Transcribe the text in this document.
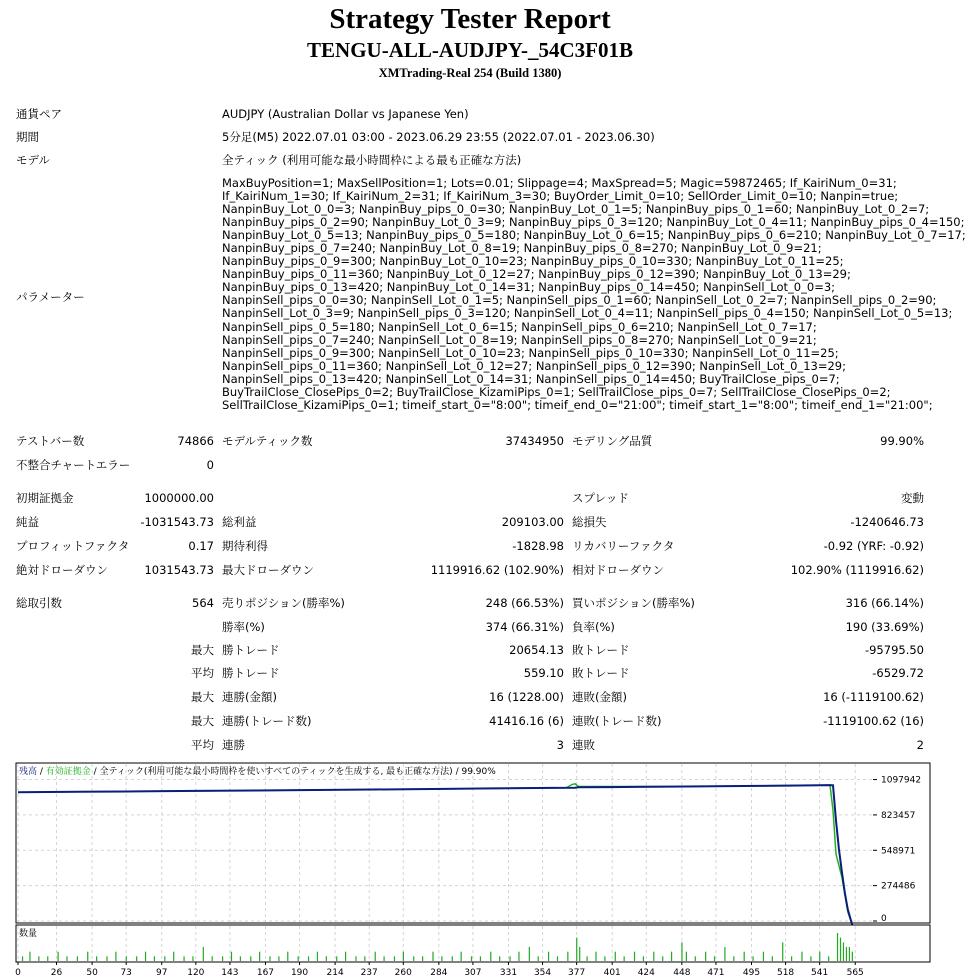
Strategy Tester Report
TENGU-ALL-AUDJPY-_54C3F01B
XMTrading-Real 254 (Build 1380)
通貨ペア	AUDJPY (Australian Dollar vs Japanese Yen)
期間	5分足(M5) 2022.07.01 03:00 - 2023.06.29 23:55 (2022.07.01 - 2023.06.30)
モデル	全ティック (利用可能な最小時間枠による最も正確な方法)
パラメーター
MaxBuyPosition=1; MaxSellPosition=1; Lots=0.01; Slippage=4; MaxSpread=5; Magic=59872465; If_KairiNum_0=31;
If_KairiNum_1=30; If_KairiNum_2=31; If_KairiNum_3=30; BuyOrder_Limit_0=10; SellOrder_Limit_0=10; Nanpin=true;
NanpinBuy_Lot_0_0=3; NanpinBuy_pips_0_0=30; NanpinBuy_Lot_0_1=5; NanpinBuy_pips_0_1=60; NanpinBuy_Lot_0_2=7;
NanpinBuy_pips_0_2=90; NanpinBuy_Lot_0_3=9; NanpinBuy_pips_0_3=120; NanpinBuy_Lot_0_4=11; NanpinBuy_pips_0_4=150;
NanpinBuy_Lot_0_5=13; NanpinBuy_pips_0_5=180; NanpinBuy_Lot_0_6=15; NanpinBuy_pips_0_6=210; NanpinBuy_Lot_0_7=17;
NanpinBuy_pips_0_7=240; NanpinBuy_Lot_0_8=19; NanpinBuy_pips_0_8=270; NanpinBuy_Lot_0_9=21;
NanpinBuy_pips_0_9=300; NanpinBuy_Lot_0_10=23; NanpinBuy_pips_0_10=330; NanpinBuy_Lot_0_11=25;
NanpinBuy_pips_0_11=360; NanpinBuy_Lot_0_12=27; NanpinBuy_pips_0_12=390; NanpinBuy_Lot_0_13=29;
NanpinBuy_pips_0_13=420; NanpinBuy_Lot_0_14=31; NanpinBuy_pips_0_14=450; NanpinSell_Lot_0_0=3;
NanpinSell_pips_0_0=30; NanpinSell_Lot_0_1=5; NanpinSell_pips_0_1=60; NanpinSell_Lot_0_2=7; NanpinSell_pips_0_2=90;
NanpinSell_Lot_0_3=9; NanpinSell_pips_0_3=120; NanpinSell_Lot_0_4=11; NanpinSell_pips_0_4=150; NanpinSell_Lot_0_5=13;
NanpinSell_pips_0_5=180; NanpinSell_Lot_0_6=15; NanpinSell_pips_0_6=210; NanpinSell_Lot_0_7=17;
NanpinSell_pips_0_7=240; NanpinSell_Lot_0_8=19; NanpinSell_pips_0_8=270; NanpinSell_Lot_0_9=21;
NanpinSell_pips_0_9=300; NanpinSell_Lot_0_10=23; NanpinSell_pips_0_10=330; NanpinSell_Lot_0_11=25;
NanpinSell_pips_0_11=360; NanpinSell_Lot_0_12=27; NanpinSell_pips_0_12=390; NanpinSell_Lot_0_13=29;
NanpinSell_pips_0_13=420; NanpinSell_Lot_0_14=31; NanpinSell_pips_0_14=450; BuyTrailClose_pips_0=7;
BuyTrailClose_ClosePips_0=2; BuyTrailClose_KizamiPips_0=1; SellTrailClose_pips_0=7; SellTrailClose_ClosePips_0=2;
SellTrailClose_KizamiPips_0=1; timeif_start_0="8:00"; timeif_end_0="21:00"; timeif_start_1="8:00"; timeif_end_1="21:00";
テストバー数	74866 モデルティック数	37434950 モデリング品質	99.90%
不整合チャートエラー	0
初期証拠金	1000000.00	スプレッド	変動
純益	-1031543.73 総利益	209103.00 総損失	-1240646.73
プロフィットファクタ	0.17 期待利得	-1828.98 リカバリーファクタ	-0.92 (YRF: -0.92)
絶対ドローダウン	1031543.73 最大ドローダウン	1119916.62 (102.90%) 相対ドローダウン	102.90% (1119916.62)
総取引数	564 売りポジション(勝率%)	248 (66.53%) 買いポジション(勝率%)	316 (66.14%)
勝率(%)	374 (66.31%) 負率(%)	190 (33.69%)
最大 勝トレード	20654.13 敗トレード	-95795.50
平均 勝トレード	559.10 敗トレード	-6529.72
最大 連勝(金額)	16 (1228.00) 連敗(金額)	16 (-1119100.62)
最大 連勝(トレード数)	41416.16 (6) 連敗(トレード数)	-1119100.62 (16)
平均 連勝	3 連敗	2
1097942
823457
548971
274486
0
残高 / 有効証拠金 / 全ティック(利用可能な最小時間枠を使いすべてのティックを生成する, 最も正確な方法) / 99.90%
0	26	50	73	97 120 143 167 190 214 237 260 284 307 331 354 377 401 424 448 471 495 518 541 565
数量
